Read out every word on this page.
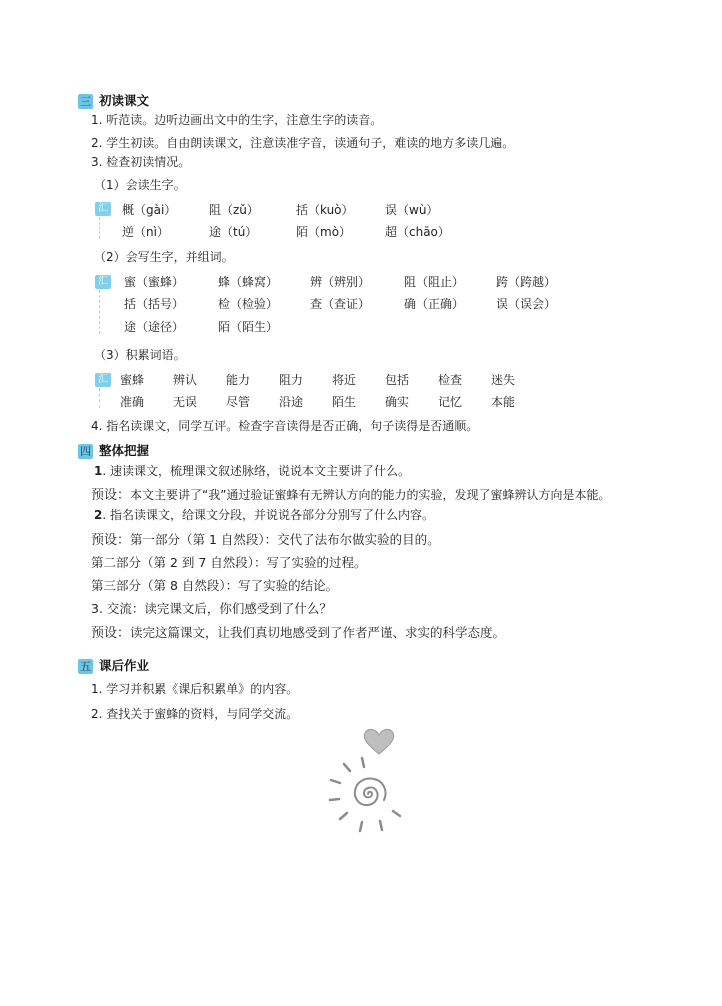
三 初读课文
1. 听范读。边听边画出文中的生字，注意生字的读音。
2. 学生初读。自由朗读课文，注意读准字音，读通句子，难读的地方多读几遍。
3. 检查初读情况。
（1）会读生字。
汇 概（gài）	阻（zǔ）	括（kuò）	误（wù）
逆（nì）	途（tú）	陌（mò）	超（chāo）
（2）会写生字，并组词。
汇 蜜（蜜蜂）	蜂（蜂窝）	辨（辨别）	阻（阻止）	跨（跨越）
括（括号）	检（检验）	查（查证）	确（正确）	误（误会）
途（途径）	陌（陌生）
（3）积累词语。
汇 蜜蜂 辨认 能力 阻力 将近 包括 检查 迷失
准确 无误 尽管 沿途 陌生 确实 记忆 本能
4. 指名读课文，同学互评。检查字音读得是否正确，句子读得是否通顺。
四 整体把握
1. 速读课文，梳理课文叙述脉络，说说本文主要讲了什么。
预设：本文主要讲了“我”通过验证蜜蜂有无辨认方向的能力的实验，发现了蜜蜂辨认方向是本能。
2. 指名读课文，给课文分段，并说说各部分分别写了什么内容。
预设：第一部分（第 1 自然段）：交代了法布尔做实验的目的。
第二部分（第 2 到 7 自然段）：写了实验的过程。
第三部分（第 8 自然段）：写了实验的结论。
3. 交流：读完课文后，你们感受到了什么？
预设：读完这篇课文，让我们真切地感受到了作者严谨、求实的科学态度。
五 课后作业
1. 学习并积累《课后积累单》的内容。
2. 查找关于蜜蜂的资料，与同学交流。
